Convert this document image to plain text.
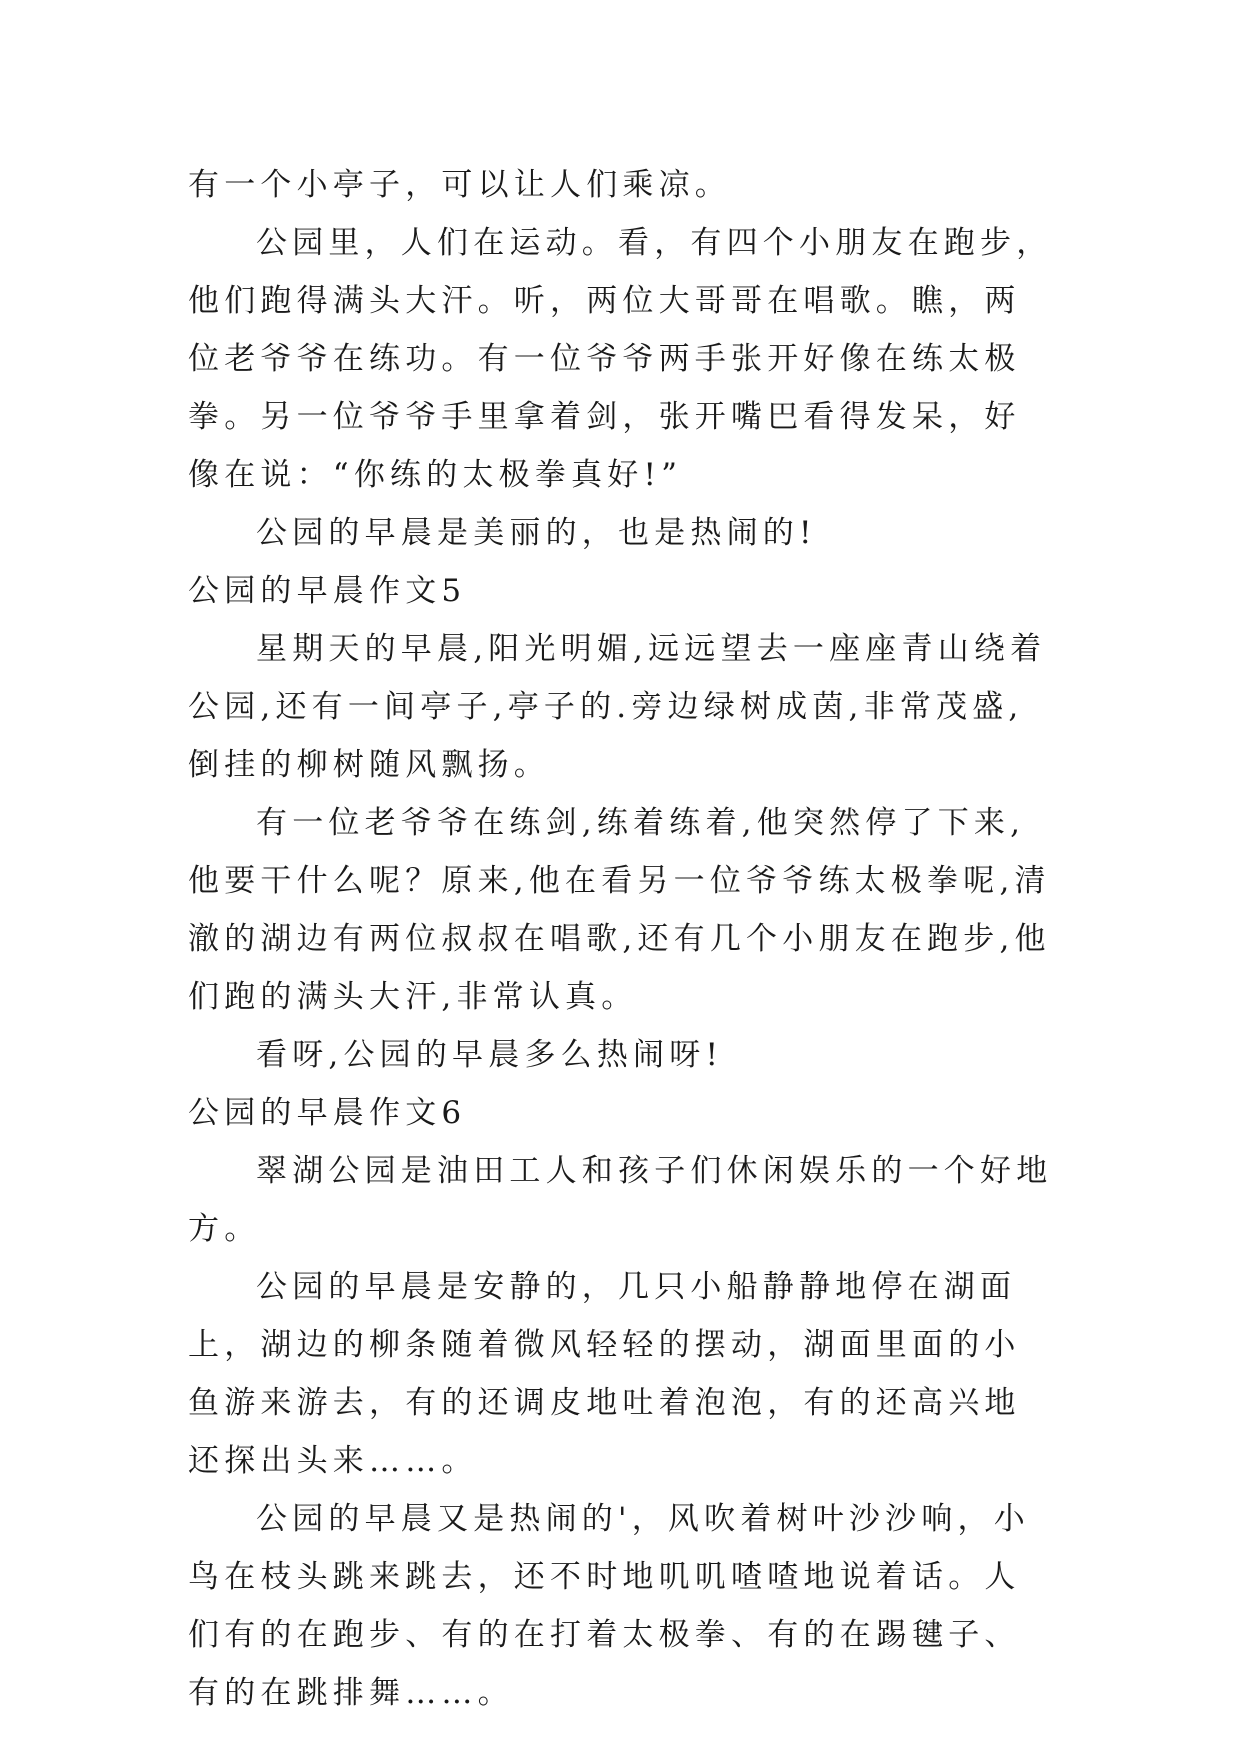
有一个小亭子，可以让人们乘凉。

公园里，人们在运动。看，有四个小朋友在跑步，他们跑得满头大汗。听，两位大哥哥在唱歌。瞧，两位老爷爷在练功。有一位爷爷两手张开好像在练太极拳。另一位爷爷手里拿着剑，张开嘴巴看得发呆，好像在说：“你练的太极拳真好!”

公园的早晨是美丽的，也是热闹的!

公园的早晨作文5

星期天的早晨,阳光明媚,远远望去一座座青山绕着公园,还有一间亭子,亭子的.旁边绿树成茵,非常茂盛,倒挂的柳树随风飘扬。

有一位老爷爷在练剑,练着练着,他突然停了下来,他要干什么呢？原来,他在看另一位爷爷练太极拳呢,清澈的湖边有两位叔叔在唱歌,还有几个小朋友在跑步,他们跑的满头大汗,非常认真。

看呀,公园的早晨多么热闹呀!

公园的早晨作文6

翠湖公园是油田工人和孩子们休闲娱乐的一个好地方。

公园的早晨是安静的，几只小船静静地停在湖面上，湖边的柳条随着微风轻轻的摆动，湖面里面的小鱼游来游去，有的还调皮地吐着泡泡，有的还高兴地还探出头来……。

公园的早晨又是热闹的'，风吹着树叶沙沙响，小鸟在枝头跳来跳去，还不时地叽叽喳喳地说着话。人们有的在跑步、有的在打着太极拳、有的在踢毽子、有的在跳排舞……。
